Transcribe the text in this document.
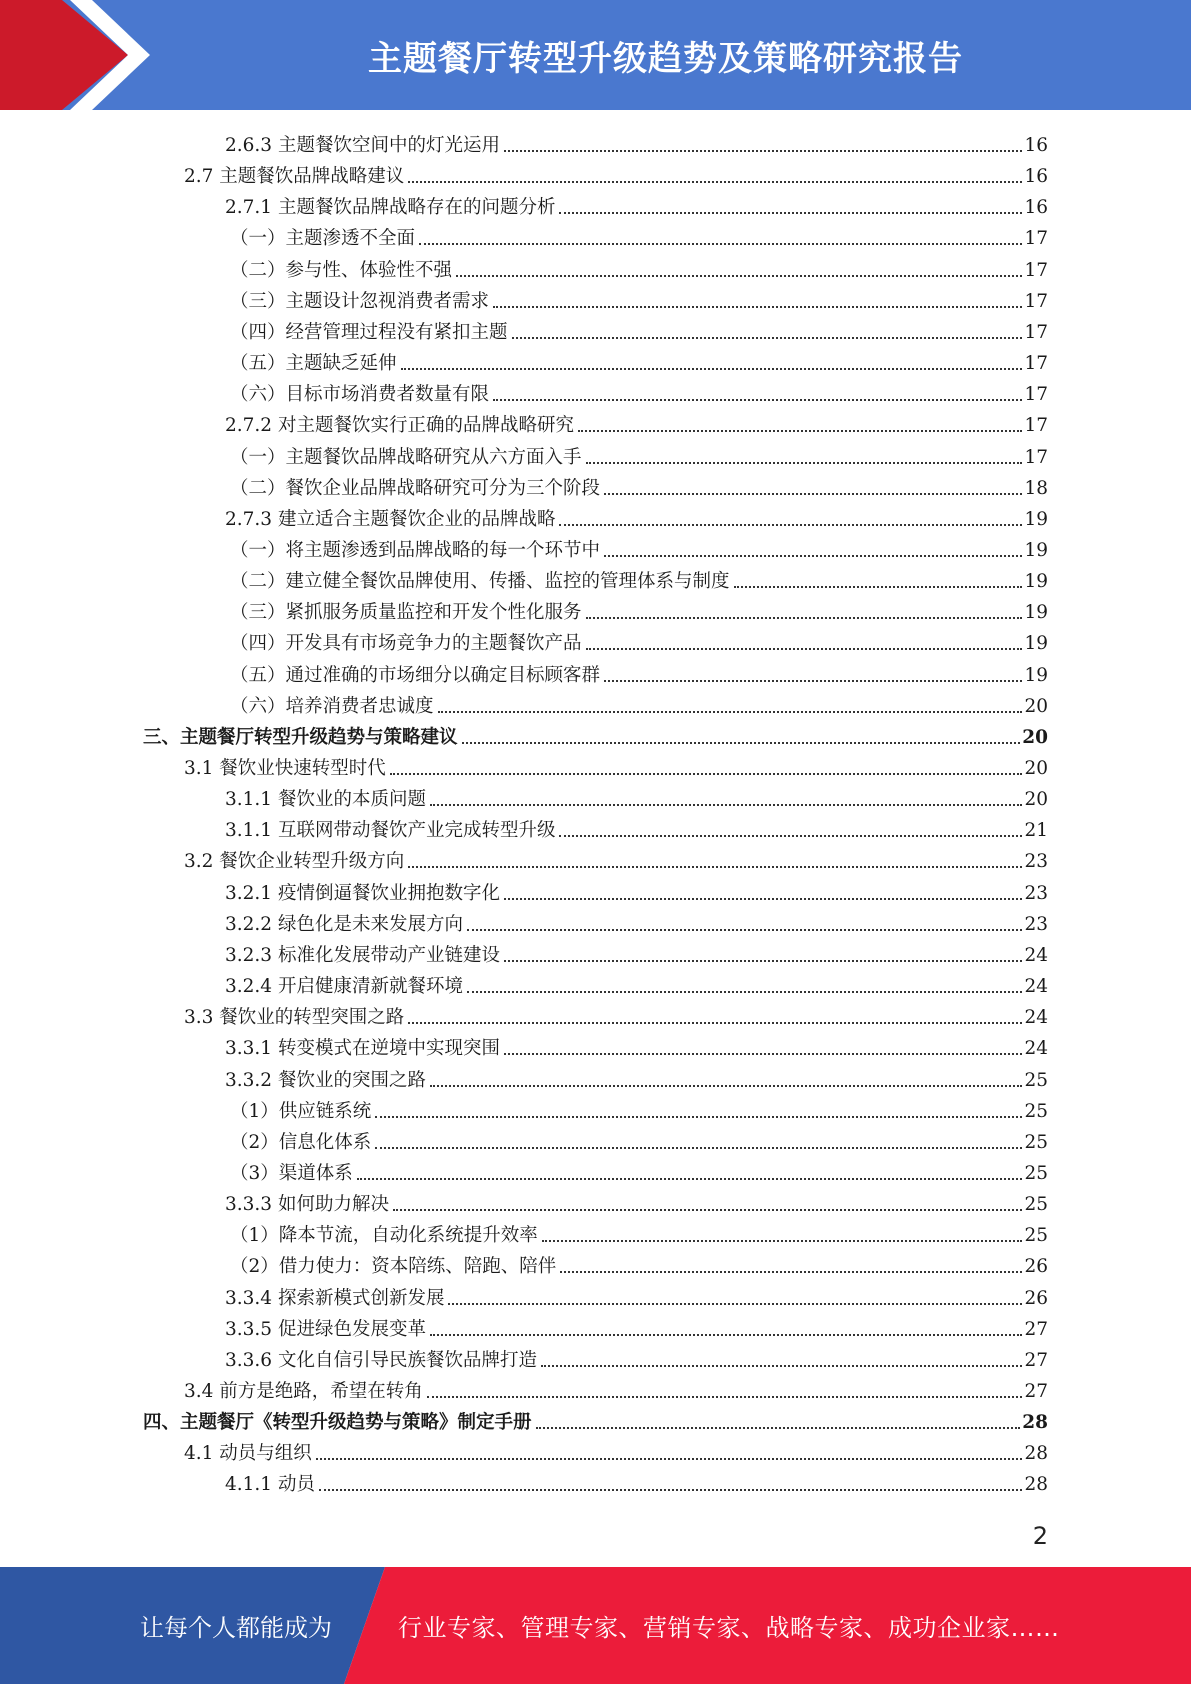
主题餐厅转型升级趋势及策略研究报告
2.6.3 主题餐饮空间中的灯光运用	16
2.7 主题餐饮品牌战略建议	16
2.7.1 主题餐饮品牌战略存在的问题分析	16
（一）主题渗透不全面	17
（二）参与性、体验性不强	17
（三）主题设计忽视消费者需求	17
（四）经营管理过程没有紧扣主题	17
（五）主题缺乏延伸	17
（六）目标市场消费者数量有限	17
2.7.2 对主题餐饮实行正确的品牌战略研究	17
（一）主题餐饮品牌战略研究从六方面入手	17
（二）餐饮企业品牌战略研究可分为三个阶段	18
2.7.3 建立适合主题餐饮企业的品牌战略	19
（一）将主题渗透到品牌战略的每一个环节中	19
（二）建立健全餐饮品牌使用、传播、监控的管理体系与制度	19
（三）紧抓服务质量监控和开发个性化服务	19
（四）开发具有市场竞争力的主题餐饮产品	19
（五）通过准确的市场细分以确定目标顾客群	19
（六）培养消费者忠诚度	20
三、主题餐厅转型升级趋势与策略建议	20
3.1 餐饮业快速转型时代	20
3.1.1 餐饮业的本质问题	20
3.1.1 互联网带动餐饮产业完成转型升级	21
3.2 餐饮企业转型升级方向	23
3.2.1 疫情倒逼餐饮业拥抱数字化	23
3.2.2 绿色化是未来发展方向	23
3.2.3 标准化发展带动产业链建设	24
3.2.4 开启健康清新就餐环境	24
3.3 餐饮业的转型突围之路	24
3.3.1 转变模式在逆境中实现突围	24
3.3.2 餐饮业的突围之路	25
（1）供应链系统	25
（2）信息化体系	25
（3）渠道体系	25
3.3.3 如何助力解决	25
（1）降本节流，自动化系统提升效率	25
（2）借力使力：资本陪练、陪跑、陪伴	26
3.3.4 探索新模式创新发展	26
3.3.5 促进绿色发展变革	27
3.3.6 文化自信引导民族餐饮品牌打造	27
3.4 前方是绝路，希望在转角	27
四、主题餐厅《转型升级趋势与策略》制定手册	28
4.1 动员与组织	28
4.1.1 动员	28
2
让每个人都能成为	行业专家、管理专家、营销专家、战略专家、成功企业家……
